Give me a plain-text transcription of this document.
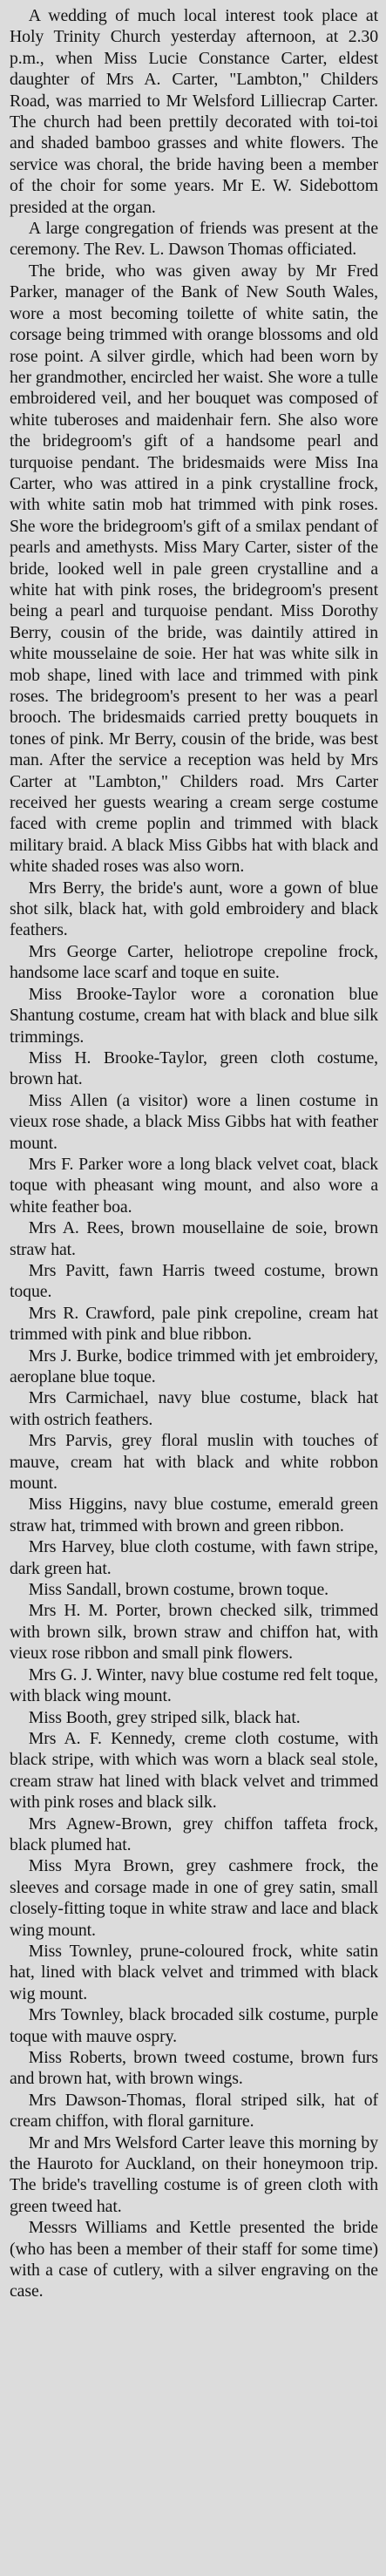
A wedding of much local interest took place at Holy Trinity Church yesterday afternoon, at 2.30 p.m., when Miss Lucie Constance Carter, eldest daughter of Mrs A. Carter, "Lambton," Childers Road, was married to Mr Welsford Lilliecrap Carter. The church had been prettily decorated with toi-toi and shaded bamboo grasses and white flowers. The service was choral, the bride having been a member of the choir for some years. Mr E. W. Sidebottom presided at the organ.

A large congregation of friends was present at the ceremony. The Rev. L. Dawson Thomas officiated.

The bride, who was given away by Mr Fred Parker, manager of the Bank of New South Wales, wore a most becoming toilette of white satin, the corsage being trimmed with orange blossoms and old rose point. A silver girdle, which had been worn by her grandmother, encircled her waist. She wore a tulle embroidered veil, and her bouquet was composed of white tuberoses and maidenhair fern. She also wore the bridegroom's gift of a handsome pearl and turquoise pendant. The bridesmaids were Miss Ina Carter, who was attired in a pink crystalline frock, with white satin mob hat trimmed with pink roses. She wore the bridegroom's gift of a smilax pendant of pearls and amethysts. Miss Mary Carter, sister of the bride, looked well in pale green crystalline and a white hat with pink roses, the bridegroom's present being a pearl and turquoise pendant. Miss Dorothy Berry, cousin of the bride, was daintily attired in white mousselaine de soie. Her hat was white silk in mob shape, lined with lace and trimmed with pink roses. The bridegroom's present to her was a pearl brooch. The bridesmaids carried pretty bouquets in tones of pink. Mr Berry, cousin of the bride, was best man. After the service a reception was held by Mrs Carter at "Lambton," Childers road. Mrs Carter received her guests wearing a cream serge costume faced with creme poplin and trimmed with black military braid. A black Miss Gibbs hat with black and white shaded roses was also worn.

Mrs Berry, the bride's aunt, wore a gown of blue shot silk, black hat, with gold embroidery and black feathers.

Mrs George Carter, heliotrope crepoline frock, handsome lace scarf and toque en suite.

Miss Brooke-Taylor wore a coronation blue Shantung costume, cream hat with black and blue silk trimmings.

Miss H. Brooke-Taylor, green cloth costume, brown hat.

Miss Allen (a visitor) wore a linen costume in vieux rose shade, a black Miss Gibbs hat with feather mount.

Mrs F. Parker wore a long black velvet coat, black toque with pheasant wing mount, and also wore a white feather boa.

Mrs A. Rees, brown mousellaine de soie, brown straw hat.

Mrs Pavitt, fawn Harris tweed costume, brown toque.

Mrs R. Crawford, pale pink crepoline, cream hat trimmed with pink and blue ribbon.

Mrs J. Burke, bodice trimmed with jet embroidery, aeroplane blue toque.

Mrs Carmichael, navy blue costume, black hat with ostrich feathers.

Mrs Parvis, grey floral muslin with touches of mauve, cream hat with black and white robbon mount.

Miss Higgins, navy blue costume, emerald green straw hat, trimmed with brown and green ribbon.

Mrs Harvey, blue cloth costume, with fawn stripe, dark green hat.

Miss Sandall, brown costume, brown toque.

Mrs H. M. Porter, brown checked silk, trimmed with brown silk, brown straw and chiffon hat, with vieux rose ribbon and small pink flowers.

Mrs G. J. Winter, navy blue costume red felt toque, with black wing mount.

Miss Booth, grey striped silk, black hat.

Mrs A. F. Kennedy, creme cloth costume, with black stripe, with which was worn a black seal stole, cream straw hat lined with black velvet and trimmed with pink roses and black silk.

Mrs Agnew-Brown, grey chiffon taffeta frock, black plumed hat.

Miss Myra Brown, grey cashmere frock, the sleeves and corsage made in one of grey satin, small closely-fitting toque in white straw and lace and black wing mount.

Miss Townley, prune-coloured frock, white satin hat, lined with black velvet and trimmed with black wig mount.

Mrs Townley, black brocaded silk costume, purple toque with mauve ospry.

Miss Roberts, brown tweed costume, brown furs and brown hat, with brown wings.

Mrs Dawson-Thomas, floral striped silk, hat of cream chiffon, with floral garniture.

Mr and Mrs Welsford Carter leave this morning by the Hauroto for Auckland, on their honeymoon trip. The bride's travelling costume is of green cloth with green tweed hat.

Messrs Williams and Kettle presented the bride (who has been a member of their staff for some time) with a case of cutlery, with a silver engraving on the case.
